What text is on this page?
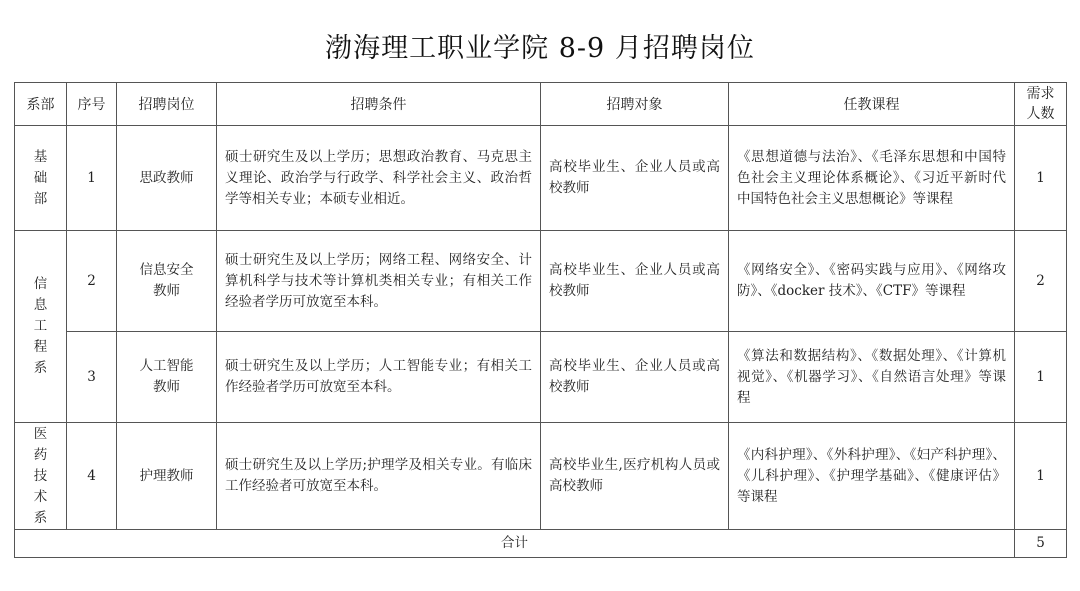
渤海理工职业学院 8-9 月招聘岗位
系部	序号	招聘岗位	招聘条件	招聘对象	任教课程	需求人数
基础部	1	思政教师	硕士研究生及以上学历；思想政治教育、马克思主义理论、政治学与行政学、科学社会主义、政治哲学等相关专业；本硕专业相近。	高校毕业生、企业人员或高校教师	《思想道德与法治》、《毛泽东思想和中国特色社会主义理论体系概论》、《习近平新时代中国特色社会主义思想概论》等课程	1
信息工程系	2	信息安全教师	硕士研究生及以上学历；网络工程、网络安全、计算机科学与技术等计算机类相关专业；有相关工作经验者学历可放宽至本科。	高校毕业生、企业人员或高校教师	《网络安全》、《密码实践与应用》、《网络攻防》、《docker 技术》、《CTF》等课程	2
	3	人工智能教师	硕士研究生及以上学历；人工智能专业；有相关工作经验者学历可放宽至本科。	高校毕业生、企业人员或高校教师	《算法和数据结构》、《数据处理》、《计算机视觉》、《机器学习》、《自然语言处理》等课程	1
医药技术系	4	护理教师	硕士研究生及以上学历;护理学及相关专业。有临床工作经验者可放宽至本科。	高校毕业生,医疗机构人员或高校教师	《内科护理》、《外科护理》、《妇产科护理》、《儿科护理》、《护理学基础》、《健康评估》等课程	1
合计						5
